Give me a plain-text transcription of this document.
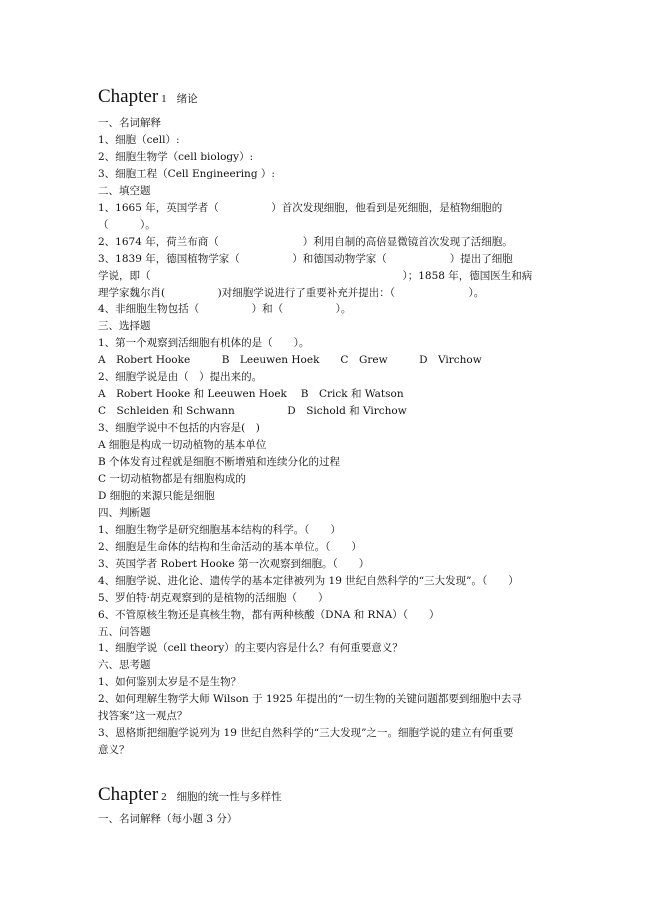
Chapter 1 绪论
一、名词解释
1、细胞（cell）:
2、细胞生物学（cell biology）:
3、细胞工程（Cell Engineering ）:
二、填空题
1、1665 年，英国学者（　　　　　）首次发现细胞，他看到是死细胞，是植物细胞的
（　　　）。
2、1674 年，荷兰布商（　　　　　　　　）利用自制的高倍显微镜首次发现了活细胞。
3、1839 年，德国植物学家（　　　　　）和德国动物学家（　　　　　　）提出了细胞
学说，即（　　　　　　　　　　　　　　　　　　　　　　　　）；1858 年，德国医生和病
理学家魏尔肖(　　　　　)对细胞学说进行了重要补充并提出：（　　　　　　　）。
4、非细胞生物包括（　　　　　）和（　　　　　）。
三、选择题
1、第一个观察到活细胞有机体的是（　　）。
A　Robert Hooke　　　B　Leeuwen Hoek　　C　Grew　　　D　Virchow
2、细胞学说是由（　）提出来的。
A　Robert Hooke 和 Leeuwen Hoek　 B　Crick 和 Watson
C　Schleiden 和 Schwann　　　　　D　Sichold 和 Virchow
3、细胞学说中不包括的内容是(　)
A 细胞是构成一切动植物的基本单位
B 个体发育过程就是细胞不断增殖和连续分化的过程
C 一切动植物都是有细胞构成的
D 细胞的来源只能是细胞
四、判断题
1、细胞生物学是研究细胞基本结构的科学。（　　）
2、细胞是生命体的结构和生命活动的基本单位。（　　）
3、英国学者 Robert Hooke 第一次观察到细胞。（　　）
4、细胞学说、进化论、遗传学的基本定律被列为 19 世纪自然科学的“三大发现”。（　　）
5、罗伯特·胡克观察到的是植物的活细胞（　　）
6、不管原核生物还是真核生物，都有两种核酸（DNA 和 RNA）（　　）
五、问答题
1、细胞学说（cell theory）的主要内容是什么？有何重要意义？
六、思考题
1、如何鉴别太岁是不是生物？
2、如何理解生物学大师 Wilson 于 1925 年提出的“一切生物的关键问题都要到细胞中去寻
找答案”这一观点？
3、恩格斯把细胞学说列为 19 世纪自然科学的“三大发现”之一。细胞学说的建立有何重要
意义？
Chapter 2 细胞的统一性与多样性
一、名词解释（每小题 3 分）
